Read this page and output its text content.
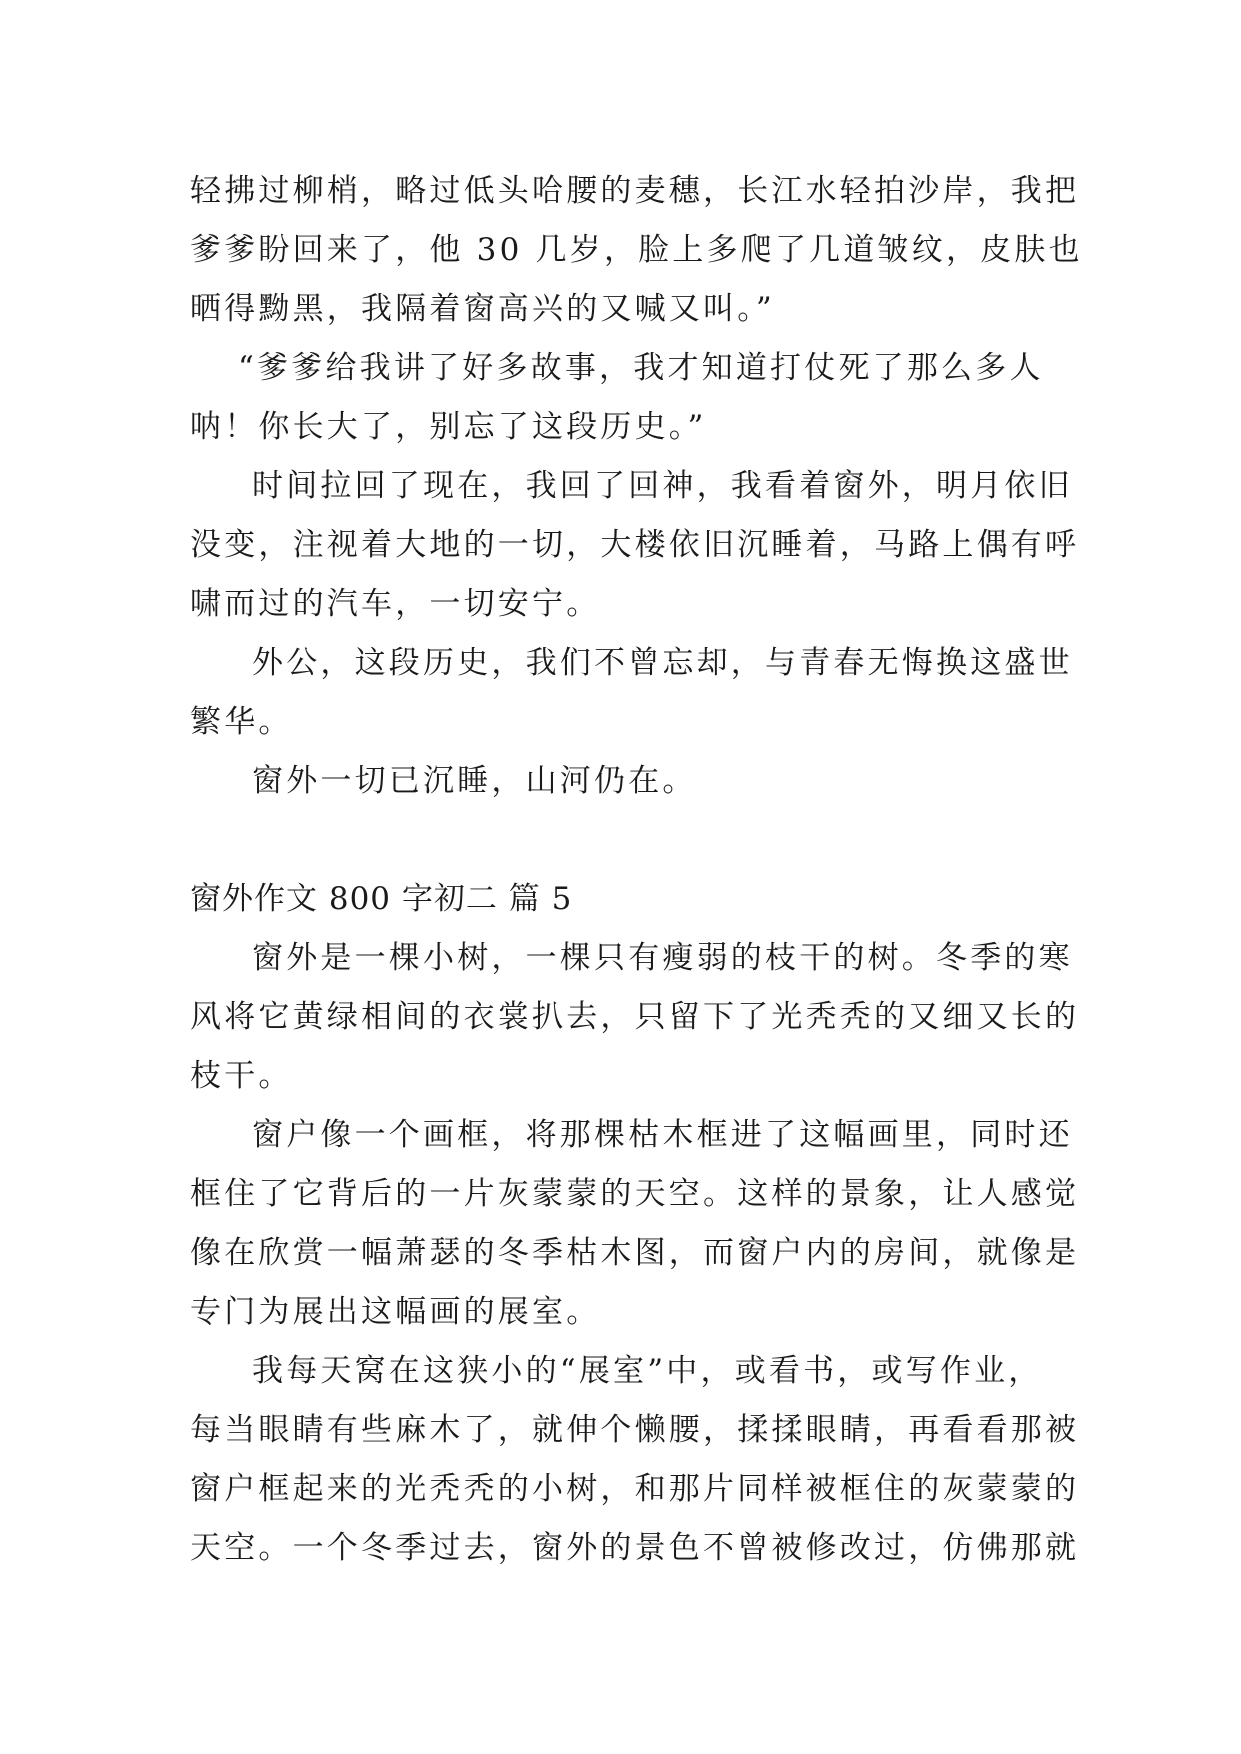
轻拂过柳梢，略过低头哈腰的麦穗，长江水轻拍沙岸，我把
爹爹盼回来了，他 30 几岁，脸上多爬了几道皱纹，皮肤也
晒得黝黑，我隔着窗高兴的又喊又叫。”
“爹爹给我讲了好多故事，我才知道打仗死了那么多人
呐！你长大了，别忘了这段历史。”
时间拉回了现在，我回了回神，我看着窗外，明月依旧
没变，注视着大地的一切，大楼依旧沉睡着，马路上偶有呼
啸而过的汽车，一切安宁。
外公，这段历史，我们不曾忘却，与青春无悔换这盛世
繁华。
窗外一切已沉睡，山河仍在。
窗外作文 800 字初二 篇 5
窗外是一棵小树，一棵只有瘦弱的枝干的树。冬季的寒
风将它黄绿相间的衣裳扒去，只留下了光秃秃的又细又长的
枝干。
窗户像一个画框，将那棵枯木框进了这幅画里，同时还
框住了它背后的一片灰蒙蒙的天空。这样的景象，让人感觉
像在欣赏一幅萧瑟的冬季枯木图，而窗户内的房间，就像是
专门为展出这幅画的展室。
我每天窝在这狭小的“展室”中，或看书，或写作业，
每当眼睛有些麻木了，就伸个懒腰，揉揉眼睛，再看看那被
窗户框起来的光秃秃的小树，和那片同样被框住的灰蒙蒙的
天空。一个冬季过去，窗外的景色不曾被修改过，仿佛那就
